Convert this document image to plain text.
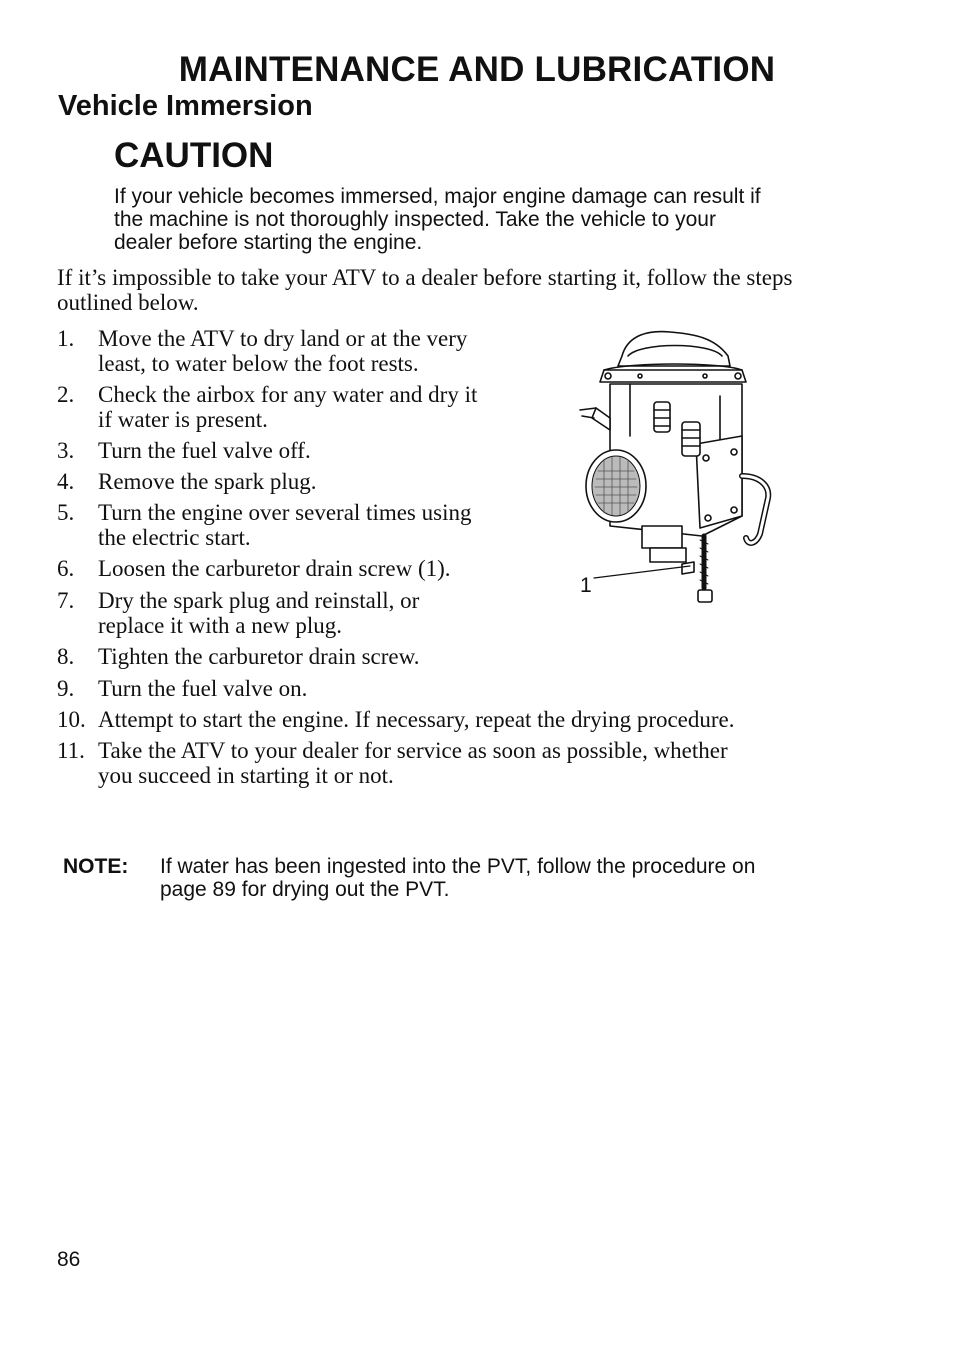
MAINTENANCE AND LUBRICATION
Vehicle Immersion
CAUTION
If your vehicle becomes immersed, major engine damage can result if the machine is not thoroughly inspected. Take the vehicle to your dealer before starting the engine.
If it’s impossible to take your ATV to a dealer before starting it, follow the steps outlined below.
1.	Move the ATV to dry land or at the very least, to water below the foot rests.
2.	Check the airbox for any water and dry it if water is present.
3.	Turn the fuel valve off.
4.	Remove the spark plug.
5.	Turn the engine over several times using the electric start.
6.	Loosen the carburetor drain screw (1).
7.	Dry the spark plug and reinstall, or replace it with a new plug.
8.	Tighten the carburetor drain screw.
9.	Turn the fuel valve on.
10. Attempt to start the engine. If necessary, repeat the drying procedure.
11. Take the ATV to your dealer for service as soon as possible, whether you succeed in starting it or not.
NOTE:	If water has been ingested into the PVT, follow the procedure on page 89 for drying out the PVT.
1
86
